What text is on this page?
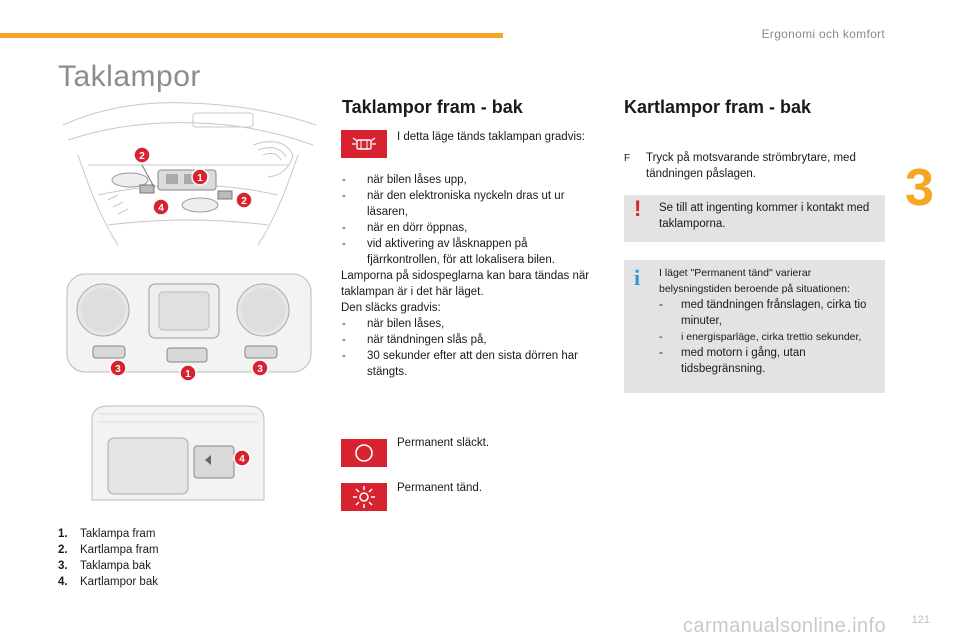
Ergonomi och komfort
3
Taklampor
2
1
4
2
3	1	3
4
1. Taklampa fram
2. Kartlampa fram
3. Taklampa bak
4. Kartlampor bak
Taklampor fram - bak
I detta läge tänds taklampan gradvis:
-	när bilen låses upp,
-	när den elektroniska nyckeln dras ut ur läsaren,
-	när en dörr öppnas,
-	vid aktivering av låsknappen på fjärrkontrollen, för att lokalisera bilen.
Lamporna på sidospeglarna kan bara tändas när taklampan är i det här läget.
Den släcks gradvis:
-	när bilen låses,
-	när tändningen slås på,
-	30 sekunder efter att den sista dörren har stängts.
Permanent släckt.
Permanent tänd.
Kartlampor fram - bak
F	Tryck på motsvarande strömbrytare, med tändningen påslagen.
! Se till att ingenting kommer i kontakt med taklamporna.
i I läget "Permanent tänd" varierar belysningstiden beroende på situationen:
-	med tändningen frånslagen, cirka tio minuter,
-	i energisparläge, cirka trettio sekunder,
-	med motorn i gång, utan tidsbegränsning.
121
carmanualsonline.info
